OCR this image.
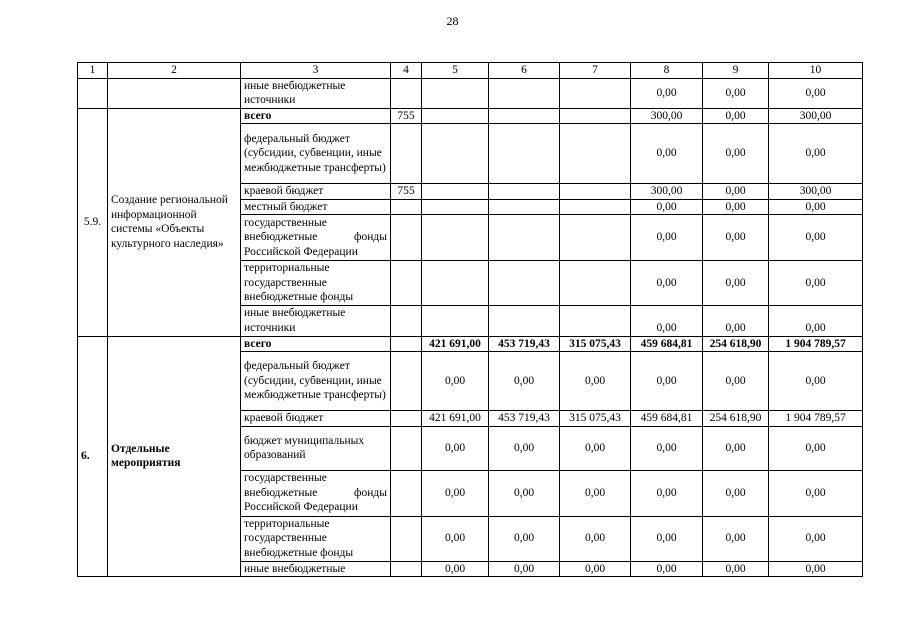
28
1	2	3	4	5	6	7	8	9	10
		иные внебюджетные источники					0,00	0,00	0,00
5.9.	Создание региональной информационной системы «Объекты культурного наследия»	всего	755				300,00	0,00	300,00
		федеральный бюджет (субсидии, субвенции, иные межбюджетные трансферты)					0,00	0,00	0,00
		краевой бюджет	755				300,00	0,00	300,00
		местный бюджет					0,00	0,00	0,00
		государственные внебюджетные фонды Российской Федерации					0,00	0,00	0,00
		территориальные государственные внебюджетные фонды					0,00	0,00	0,00
		иные внебюджетные источники					0,00	0,00	0,00
6.	Отдельные мероприятия	всего		421 691,00	453 719,43	315 075,43	459 684,81	254 618,90	1 904 789,57
		федеральный бюджет (субсидии, субвенции, иные межбюджетные трансферты)		0,00	0,00	0,00	0,00	0,00	0,00
		краевой бюджет		421 691,00	453 719,43	315 075,43	459 684,81	254 618,90	1 904 789,57
		бюджет муниципальных образований		0,00	0,00	0,00	0,00	0,00	0,00
		государственные внебюджетные фонды Российской Федерации		0,00	0,00	0,00	0,00	0,00	0,00
		территориальные государственные внебюджетные фонды		0,00	0,00	0,00	0,00	0,00	0,00
		иные внебюджетные		0,00	0,00	0,00	0,00	0,00	0,00
